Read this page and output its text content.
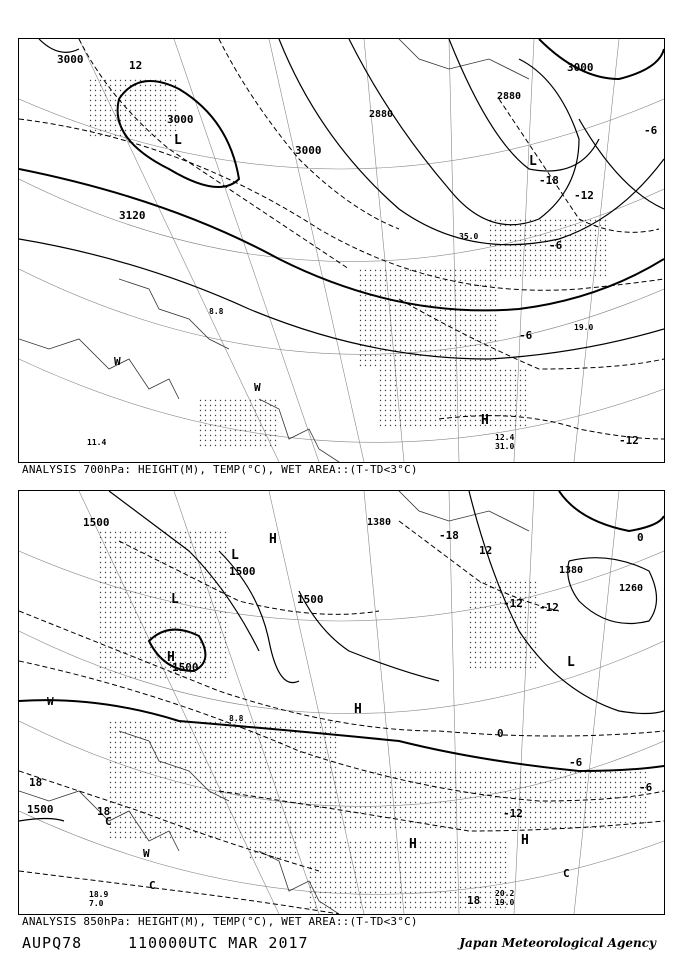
3000
3000
3000
3000
3120
2880
2880
-18
-12
-6
-6
-12
-6
12
L
L
H
W
W
12.4
31.0
11.4
19.0
8.8
35.0
ANALYSIS 700hPa: HEIGHT(M), TEMP(°C), WET AREA::(T-TD<3°C)
1500
1500
1500
1500
1500
1380
1380
1260
-18
-12
-12
-6
0
0
-6
12
18
18
18
-12
L
L
L
H
H
H
H	H
W
W
C
C
C
20.2
19.0
18.9
7.0
8.8
ANALYSIS 850hPa: HEIGHT(M), TEMP(°C), WET AREA::(T-TD<3°C)
AUPQ78	110000UTC MAR 2017	Japan Meteorological Agency
